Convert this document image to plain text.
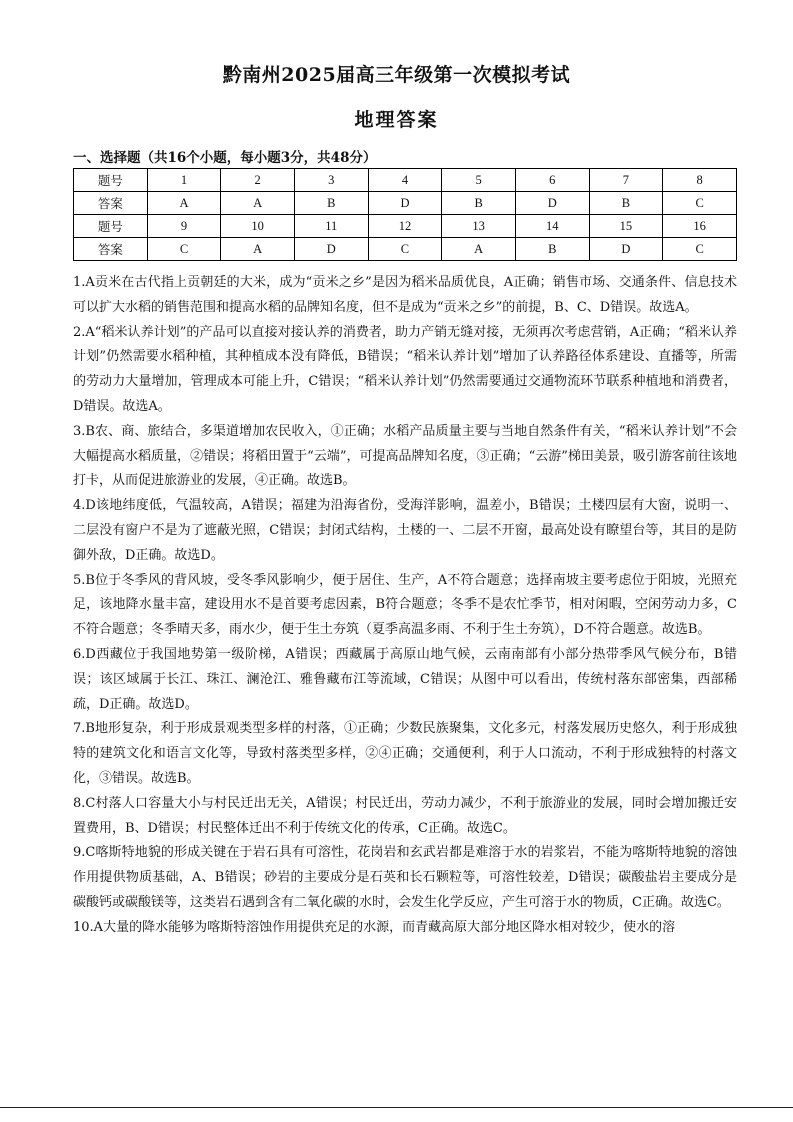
黔南州2025届高三年级第一次模拟考试
地理答案
一、选择题（共16个小题，每小题3分，共48分）
题号	1	2	3	4	5	6	7	8
答案	A	A	B	D	B	D	B	C
题号	9	10	11	12	13	14	15	16
答案	C	A	D	C	A	B	D	C

1.A贡米在古代指上贡朝廷的大米，成为“贡米之乡”是因为稻米品质优良，A正确；销售市场、交通条件、信息技术可以扩大水稻的销售范围和提高水稻的品牌知名度，但不是成为“贡米之乡”的前提，B、C、D错误。故选A。

2.A“稻米认养计划”的产品可以直接对接认养的消费者，助力产销无缝对接，无须再次考虑营销，A正确；“稻米认养计划”仍然需要水稻种植，其种植成本没有降低，B错误；“稻米认养计划”增加了认养路径体系建设、直播等，所需的劳动力大量增加，管理成本可能上升，C错误；“稻米认养计划”仍然需要通过交通物流环节联系种植地和消费者，D错误。故选A。

3.B农、商、旅结合，多渠道增加农民收入，①正确；水稻产品质量主要与当地自然条件有关，“稻米认养计划”不会大幅提高水稻质量，②错误；将稻田置于“云端”，可提高品牌知名度，③正确；“云游”梯田美景，吸引游客前往该地打卡，从而促进旅游业的发展，④正确。故选B。

4.D该地纬度低，气温较高，A错误；福建为沿海省份，受海洋影响，温差小，B错误；土楼四层有大窗，说明一、二层没有窗户不是为了遮蔽光照，C错误；封闭式结构，土楼的一、二层不开窗，最高处设有瞭望台等，其目的是防御外敌，D正确。故选D。

5.B位于冬季风的背风坡，受冬季风影响少，便于居住、生产，A不符合题意；选择南坡主要考虑位于阳坡，光照充足，该地降水量丰富，建设用水不是首要考虑因素，B符合题意；冬季不是农忙季节，相对闲暇，空闲劳动力多，C不符合题意；冬季晴天多，雨水少，便于生土夯筑（夏季高温多雨、不利于生土夯筑），D不符合题意。故选B。

6.D西藏位于我国地势第一级阶梯，A错误；西藏属于高原山地气候，云南南部有小部分热带季风气候分布，B错误；该区域属于长江、珠江、澜沧江、雅鲁藏布江等流域，C错误；从图中可以看出，传统村落东部密集，西部稀疏，D正确。故选D。

7.B地形复杂，利于形成景观类型多样的村落，①正确；少数民族聚集，文化多元，村落发展历史悠久，利于形成独特的建筑文化和语言文化等，导致村落类型多样，②④正确；交通便利，利于人口流动，不利于形成独特的村落文化，③错误。故选B。

8.C村落人口容量大小与村民迁出无关，A错误；村民迁出，劳动力减少，不利于旅游业的发展，同时会增加搬迁安置费用，B、D错误；村民整体迁出不利于传统文化的传承，C正确。故选C。

9.C喀斯特地貌的形成关键在于岩石具有可溶性，花岗岩和玄武岩都是难溶于水的岩浆岩，不能为喀斯特地貌的溶蚀作用提供物质基础，A、B错误；砂岩的主要成分是石英和长石颗粒等，可溶性较差，D错误；碳酸盐岩主要成分是碳酸钙或碳酸镁等，这类岩石遇到含有二氧化碳的水时，会发生化学反应，产生可溶于水的物质，C正确。故选C。

10.A大量的降水能够为喀斯特溶蚀作用提供充足的水源，而青藏高原大部分地区降水相对较少，使水的溶
